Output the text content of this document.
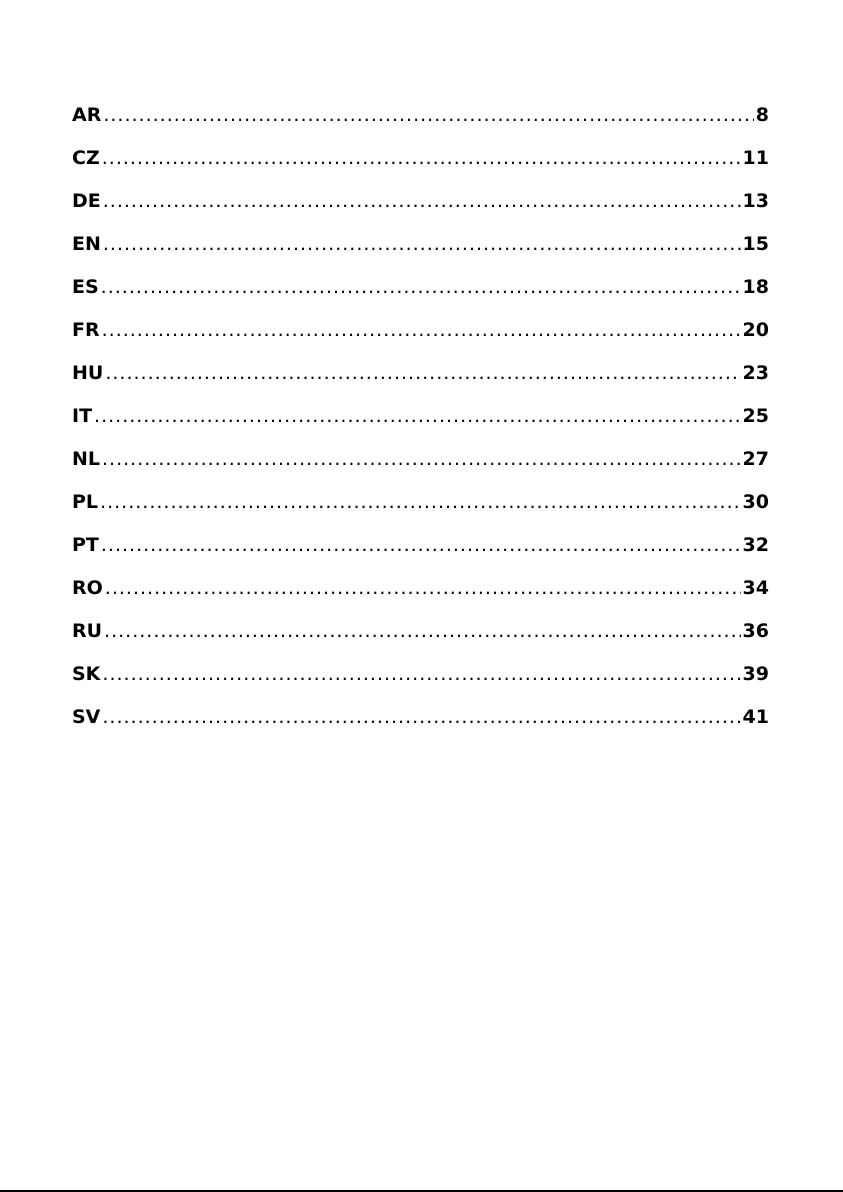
AR .....	8
CZ .....	11
DE .....	13
EN .....	15
ES .....	18
FR .....	20
HU .....	23
IT .....	25
NL .....	27
PL .....	30
PT .....	32
RO .....	34
RU .....	36
SK .....	39
SV .....	41
